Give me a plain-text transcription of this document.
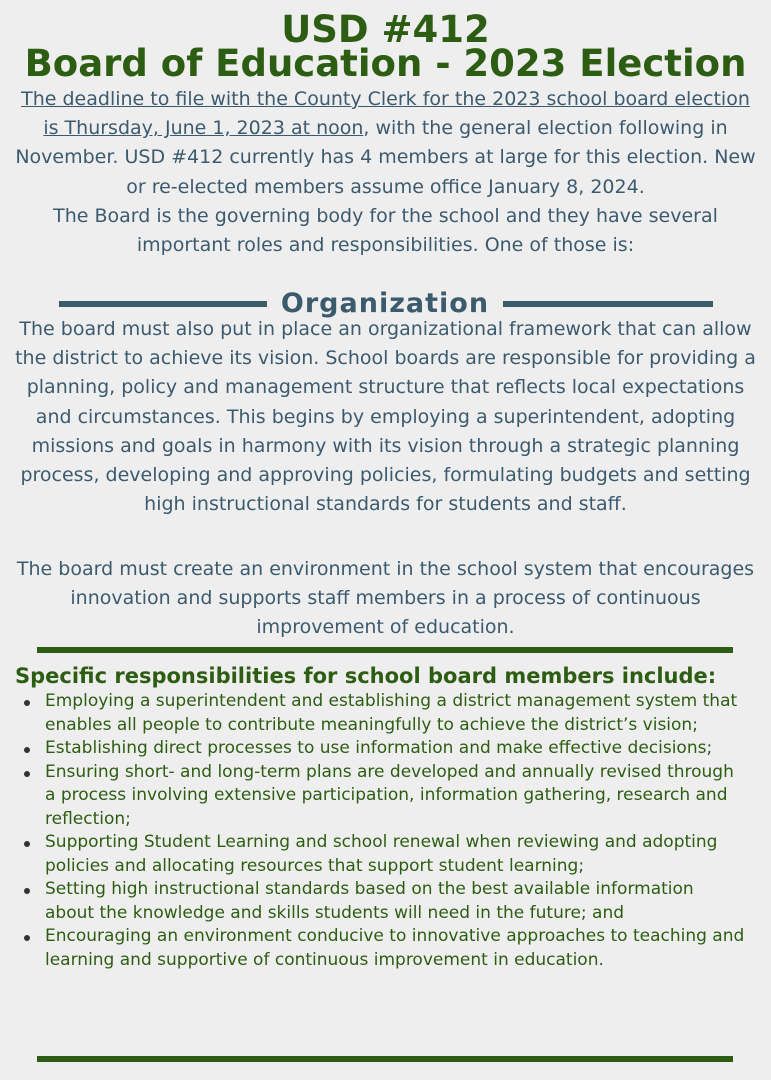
USD #412
Board of Education - 2023 Election

The deadline to file with the County Clerk for the 2023 school board election is Thursday, June 1, 2023 at noon, with the general election following in November. USD #412 currently has 4 members at large for this election. New or re-elected members assume office January 8, 2024.
The Board is the governing body for the school and they have several important roles and responsibilities. One of those is:

Organization

The board must also put in place an organizational framework that can allow the district to achieve its vision. School boards are responsible for providing a planning, policy and management structure that reflects local expectations and circumstances. This begins by employing a superintendent, adopting missions and goals in harmony with its vision through a strategic planning process, developing and approving policies, formulating budgets and setting high instructional standards for students and staff.

The board must create an environment in the school system that encourages innovation and supports staff members in a process of continuous improvement of education.

Specific responsibilities for school board members include:
Employing a superintendent and establishing a district management system that enables all people to contribute meaningfully to achieve the district’s vision;
Establishing direct processes to use information and make effective decisions;
Ensuring short- and long-term plans are developed and annually revised through a process involving extensive participation, information gathering, research and reflection;
Supporting Student Learning and school renewal when reviewing and adopting policies and allocating resources that support student learning;
Setting high instructional standards based on the best available information about the knowledge and skills students will need in the future; and
Encouraging an environment conducive to innovative approaches to teaching and learning and supportive of continuous improvement in education.
